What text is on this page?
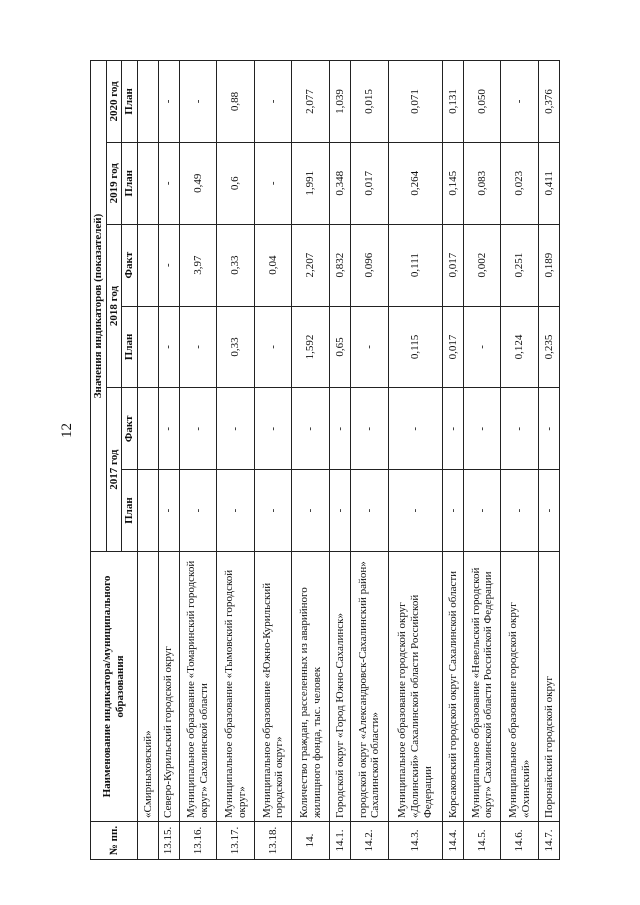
12
№ пп.	Наименование индикатора/муниципального образования	Значения индикаторов (показателей)					
		2017 год		2018 год		2019 год	2020 год
		План	Факт	План	Факт	План	План
	«Смирныховский»						
13.15.	Северо-Курильский городской округ	-	-	-	-	-	-
13.16.	Муниципальное образование «Томаринский городской округ» Сахалинской области	-	-	-	3,97	0,49	-
13.17.	Муниципальное образование «Тымовский городской округ»	-	-	0,33	0,33	0,6	0,88
13.18.	Муниципальное образование «Южно-Курильский городской округ»	-	-	-	0,04	-	-
14.	Количество граждан, расселенных из аварийного жилищного фонда, тыс. человек	-	-	1,592	2,207	1,991	2,077
14.1.	Городской округ «Город Южно-Сахалинск»	-	-	0,65	0,832	0,348	1,039
14.2.	городской округ «Александровск-Сахалинский район» Сахалинской области»	-	-	-	0,096	0,017	0,015
14.3.	Муниципальное образование городской округ «Долинский» Сахалинской области Российской Федерации	-	-	0,115	0,111	0,264	0,071
14.4.	Корсаковский городской округ Сахалинской области	-	-	0,017	0,017	0,145	0,131
14.5.	Муниципальное образование «Невельский городской округ» Сахалинской области Российской Федерации	-	-	-	0,002	0,083	0,050
14.6.	Муниципальное образование городской округ «Охинский»	-	-	0,124	0,251	0,023	-
14.7.	Поронайский городской округ	-	-	0,235	0,189	0,411	0,376
